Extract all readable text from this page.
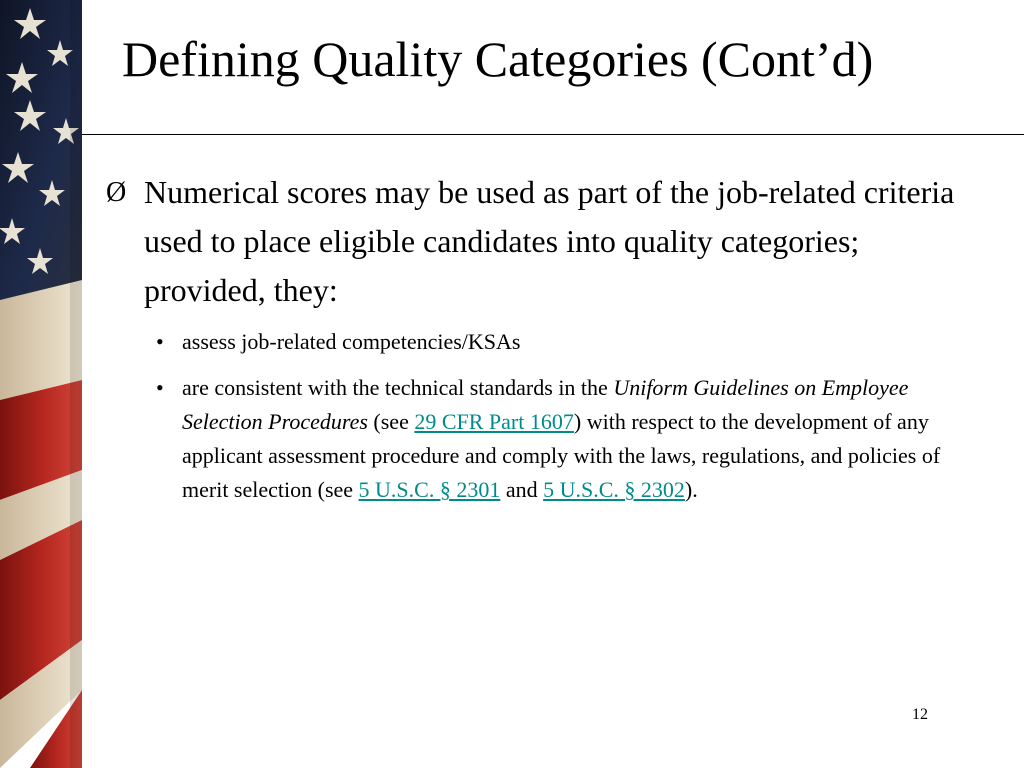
Defining Quality Categories (Cont’d)
Ø Numerical scores may be used as part of the job-related criteria used to place eligible candidates into quality categories; provided, they:
• assess job-related competencies/KSAs
• are consistent with the technical standards in the Uniform Guidelines on Employee Selection Procedures (see 29 CFR Part 1607) with respect to the development of any applicant assessment procedure and comply with the laws, regulations, and policies of merit selection (see 5 U.S.C. § 2301 and 5 U.S.C. § 2302).
12
